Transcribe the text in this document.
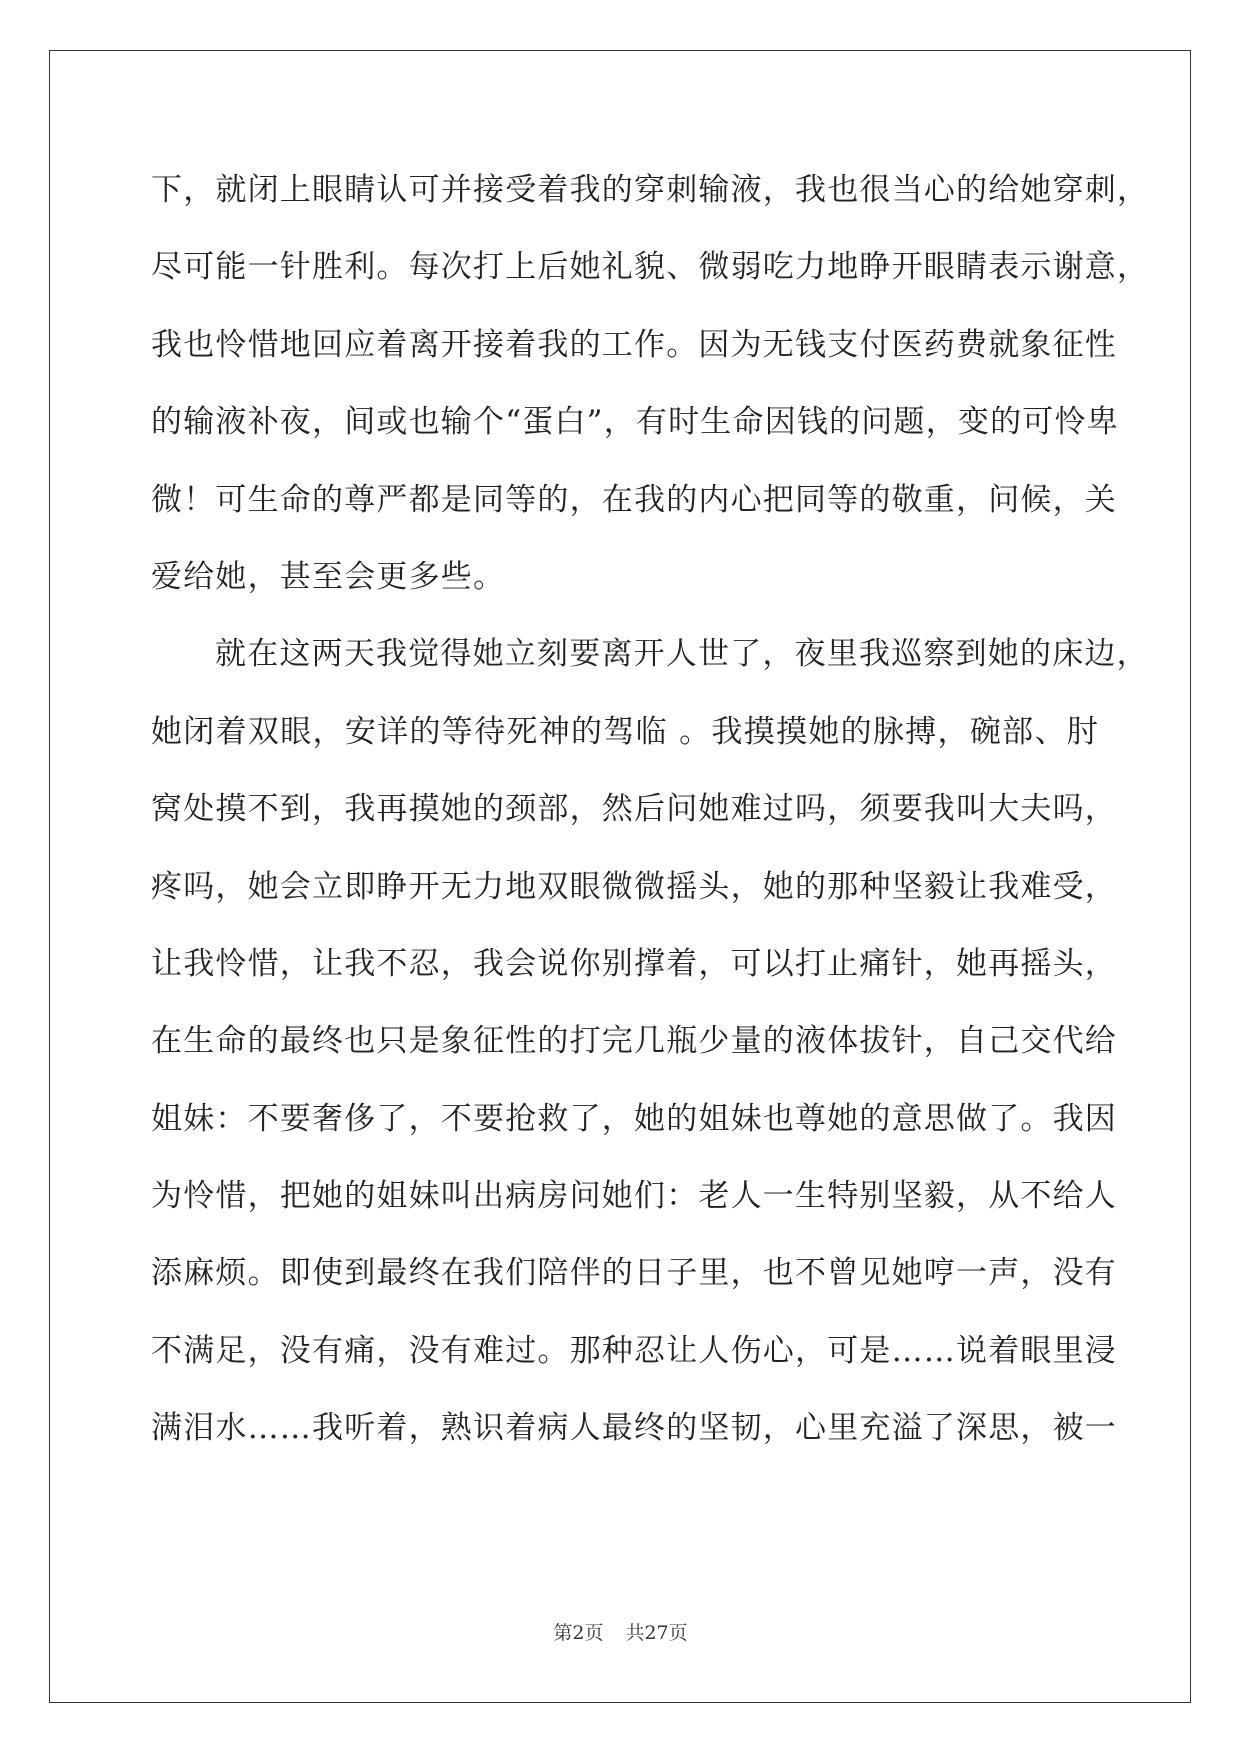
下，就闭上眼睛认可并接受着我的穿刺输液，我也很当心的给她穿刺，
尽可能一针胜利。每次打上后她礼貌、微弱吃力地睁开眼睛表示谢意，
我也怜惜地回应着离开接着我的工作。因为无钱支付医药费就象征性
的输液补夜，间或也输个“蛋白”，有时生命因钱的问题，变的可怜卑
微！可生命的尊严都是同等的，在我的内心把同等的敬重，问候，关
爱给她，甚至会更多些。
就在这两天我觉得她立刻要离开人世了，夜里我巡察到她的床边，
她闭着双眼，安详的等待死神的驾临 。我摸摸她的脉搏，碗部、肘
窝处摸不到，我再摸她的颈部，然后问她难过吗，须要我叫大夫吗，
疼吗，她会立即睁开无力地双眼微微摇头，她的那种坚毅让我难受，
让我怜惜，让我不忍，我会说你别撑着，可以打止痛针，她再摇头，
在生命的最终也只是象征性的打完几瓶少量的液体拔针，自己交代给
姐妹：不要奢侈了，不要抢救了，她的姐妹也尊她的意思做了。我因
为怜惜，把她的姐妹叫出病房问她们：老人一生特别坚毅，从不给人
添麻烦。即使到最终在我们陪伴的日子里，也不曾见她哼一声，没有
不满足，没有痛，没有难过。那种忍让人伤心，可是……说着眼里浸
满泪水……我听着，熟识着病人最终的坚韧，心里充溢了深思，被一
第2页 共27页
